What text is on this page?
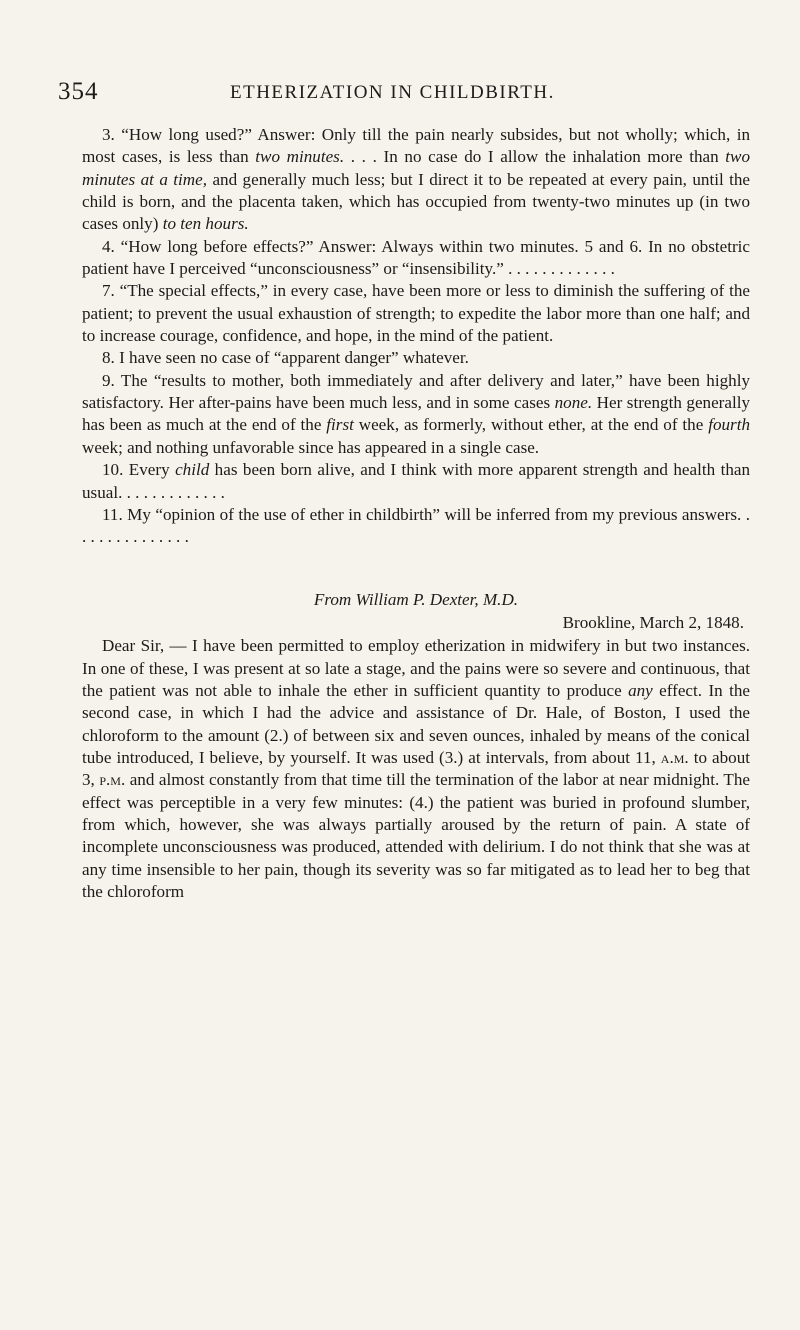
354	ETHERIZATION IN CHILDBIRTH.

3. “How long used?” Answer: Only till the pain nearly subsides, but not wholly; which, in most cases, is less than two minutes. . . . In no case do I allow the inhalation more than two minutes at a time, and generally much less; but I direct it to be repeated at every pain, until the child is born, and the placenta taken, which has occupied from twenty-two minutes up (in two cases only) to ten hours.

4. “How long before effects?” Answer: Always within two minutes. 5 and 6. In no obstetric patient have I perceived “unconsciousness” or “insensibility.” . . . . . . . . . . . . .

7. “The special effects,” in every case, have been more or less to diminish the suffering of the patient; to prevent the usual exhaustion of strength; to expedite the labor more than one half; and to increase courage, confidence, and hope, in the mind of the patient.

8. I have seen no case of “apparent danger” whatever.

9. The “results to mother, both immediately and after delivery and later,” have been highly satisfactory. Her after-pains have been much less, and in some cases none. Her strength generally has been as much at the end of the first week, as formerly, without ether, at the end of the fourth week; and nothing unfavorable since has appeared in a single case.

10. Every child has been born alive, and I think with more apparent strength and health than usual. . . . . . . . . . . . .

11. My “opinion of the use of ether in childbirth” will be inferred from my previous answers. . . . . . . . . . . . . . .

From William P. Dexter, M.D.

Brookline, March 2, 1848.

Dear Sir, — I have been permitted to employ etherization in midwifery in but two instances. In one of these, I was present at so late a stage, and the pains were so severe and continuous, that the patient was not able to inhale the ether in sufficient quantity to produce any effect. In the second case, in which I had the advice and assistance of Dr. Hale, of Boston, I used the chloroform to the amount (2.) of between six and seven ounces, inhaled by means of the conical tube introduced, I believe, by yourself. It was used (3.) at intervals, from about 11, a.m. to about 3, p.m. and almost constantly from that time till the termination of the labor at near midnight. The effect was perceptible in a very few minutes: (4.) the patient was buried in profound slumber, from which, however, she was always partially aroused by the return of pain. A state of incomplete unconsciousness was produced, attended with delirium. I do not think that she was at any time insensible to her pain, though its severity was so far mitigated as to lead her to beg that the chloroform
